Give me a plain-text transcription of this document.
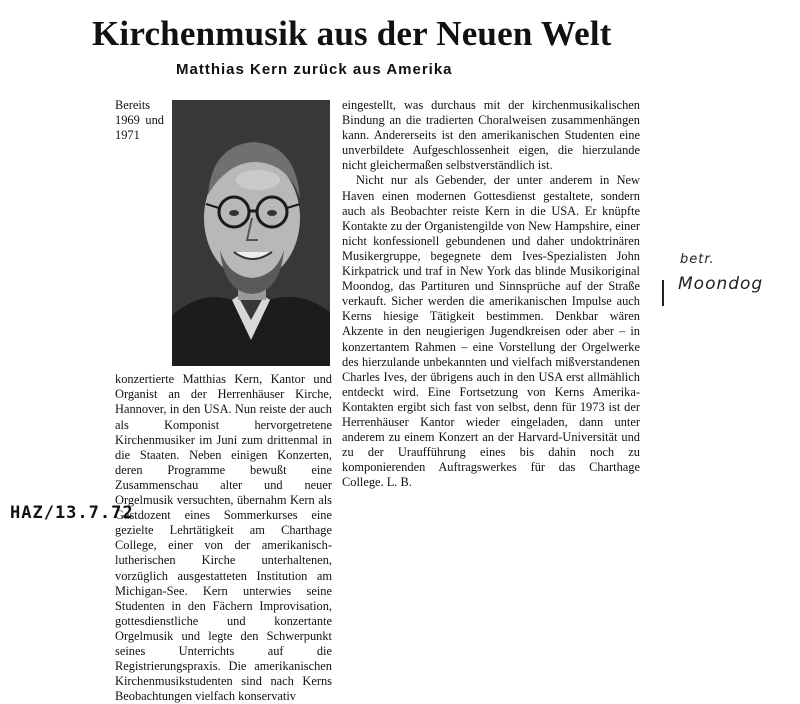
Kirchenmusik aus der Neuen Welt
Matthias Kern zurück aus Amerika
Bereits 1969 und 1971 konzertierte Matthias Kern, Kantor und Organist an der Herrenhäuser Kirche, Hannover, in den USA. Nun reiste der auch als Komponist hervorgetretene Kirchenmusiker im Juni zum drittenmal in die Staaten. Neben einigen Konzerten, deren Programme bewußt eine Zusammenschau alter und neuer Orgelmusik versuchten, übernahm Kern als Gastdozent eines Sommerkurses eine gezielte Lehrtätigkeit am Charthage College, einer von der amerikanisch-lutherischen Kirche unterhaltenen, vorzüglich ausgestatteten Institution am Michigan-See. Kern unterwies seine Studenten in den Fächern Improvisation, gottesdienstliche und konzertante Orgelmusik und legte den Schwerpunkt seines Unterrichts auf die Registrierungspraxis. Die amerikanischen Kirchenmusikstudenten sind nach Kerns Beobachtungen vielfach konservativ
eingestellt, was durchaus mit der kirchenmusikalischen Bindung an die tradierten Choralweisen zusammenhängen kann. Andererseits ist den amerikanischen Studenten eine unverbildete Aufgeschlossenheit eigen, die hierzulande nicht gleichermaßen selbstverständlich ist.
Nicht nur als Gebender, der unter anderem in New Haven einen modernen Gottesdienst gestaltete, sondern auch als Beobachter reiste Kern in die USA. Er knüpfte Kontakte zu der Organistengilde von New Hampshire, einer nicht konfessionell gebundenen und daher undoktrinären Musikergruppe, begegnete dem Ives-Spezialisten John Kirkpatrick und traf in New York das blinde Musikoriginal Moondog, das Partituren und Sinnsprüche auf der Straße verkauft. Sicher werden die amerikanischen Impulse auch Kerns hiesige Tätigkeit bestimmen. Denkbar wären Akzente in den neugierigen Jugendkreisen oder aber – in konzertantem Rahmen – eine Vorstellung der Orgelwerke des hierzulande unbekannten und vielfach mißverstandenen Charles Ives, der übrigens auch in den USA erst allmählich entdeckt wird. Eine Fortsetzung von Kerns Amerika-Kontakten ergibt sich fast von selbst, denn für 1973 ist der Herrenhäuser Kantor wieder eingeladen, dann unter anderem zu einem Konzert an der Harvard-Universität und zu der Uraufführung eines bis dahin noch zu komponierenden Auftragswerkes für das Charthage College. L. B.
betr.
Moondog
HAZ/13.7.72
